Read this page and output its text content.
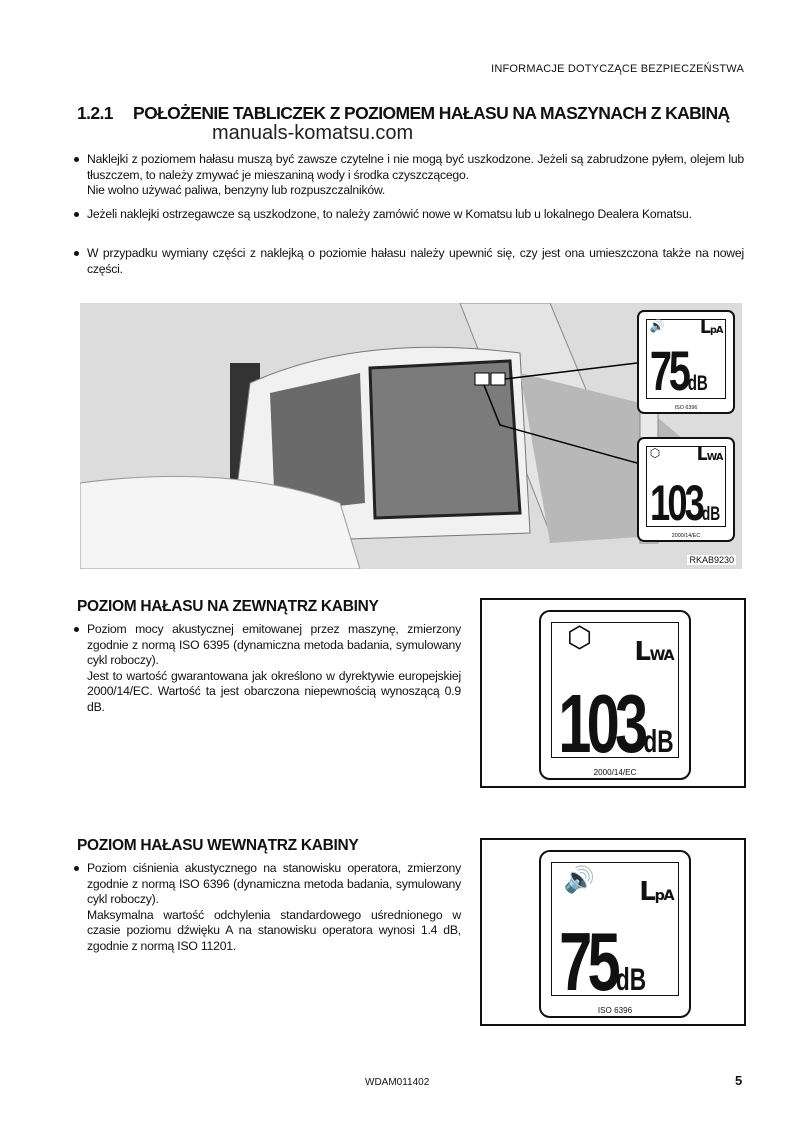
INFORMACJE DOTYCZĄCE BEZPIECZEŃSTWA
1.2.1 POŁOŻENIE TABLICZEK Z POZIOMEM HAŁASU NA MASZYNACH Z KABINĄ
manuals-komatsu.com
Naklejki z poziomem hałasu muszą być zawsze czytelne i nie mogą być uszkodzone. Jeżeli są zabrudzone pyłem, olejem lub tłuszczem, to należy zmywać je mieszaniną wody i środka czyszczącego.
Nie wolno używać paliwa, benzyny lub rozpuszczalników.
Jeżeli naklejki ostrzegawcze są uszkodzone, to należy zamówić nowe w Komatsu lub u lokalnego Dealera Komatsu.
W przypadku wymiany części z naklejką o poziomie hałasu należy upewnić się, czy jest ona umieszczona także na nowej części.
🔊 LpA
75dB
ISO 6396
⬡	LWA
103dB
2000/14/EC
RKAB9230
POZIOM HAŁASU NA ZEWNĄTRZ KABINY
Poziom mocy akustycznej emitowanej przez maszynę, zmierzony zgodnie z normą ISO 6395 (dynamiczna metoda badania, symulowany cykl roboczy).
Jest to wartość gwarantowana jak określono w dyrektywie europejskiej 2000/14/EC. Wartość ta jest obarczona niepewnością wynoszącą 0.9 dB.
⬡	LWA
103dB
2000/14/EC
POZIOM HAŁASU WEWNĄTRZ KABINY
Poziom ciśnienia akustycznego na stanowisku operatora, zmierzony zgodnie z normą ISO 6396 (dynamiczna metoda badania, symulowany cykl roboczy).
Maksymalna wartość odchylenia standardowego uśrednionego w czasie poziomu dźwięku A na stanowisku operatora wynosi 1.4 dB, zgodnie z normą ISO 11201.
🔊 LpA
75dB
ISO 6396
WDAM011402	5
